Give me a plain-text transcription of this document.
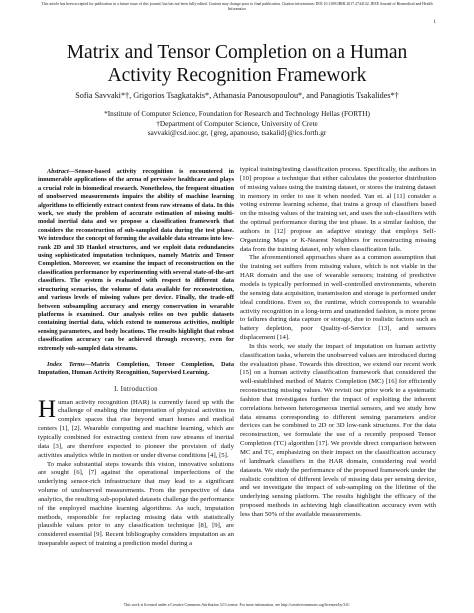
This article has been accepted for publication in a future issue of this journal, but has not been fully edited. Content may change prior to final publication. Citation information: DOI 10.1109/JBHI.2017.2744132, IEEE Journal of Biomedical and Health Informatics
1
Matrix and Tensor Completion on a Human Activity Recognition Framework
Sofia Savvaki*†, Grigorios Tsagkatakis*, Athanasia Panousopoulou*, and Panagiotis Tsakalides*†
*Institute of Computer Science, Foundation for Research and Technology Hellas (FORTH)
†Department of Computer Science, University of Crete
savvaki@csd.uoc.gr, {greg, apanouso, tsakalid}@ics.forth.gr

Abstract—Sensor-based activity recognition is encountered in innumerable applications of the arena of pervasive healthcare and plays a crucial role in biomedical research. Nonetheless, the frequent situation of unobserved measurements impairs the ability of machine learning algorithms to efficiently extract context from raw streams of data. In this work, we study the problem of accurate estimation of missing multi-modal inertial data and we propose a classification framework that considers the reconstruction of sub-sampled data during the test phase. We introduce the concept of forming the available data streams into low-rank 2D and 3D Hankel structures, and we exploit data redundancies using sophisticated imputation techniques, namely Matrix and Tensor Completion. Moreover, we examine the impact of reconstruction on the classification performance by experimenting with several state-of-the-art classifiers. The system is evaluated with respect to different data structuring scenarios, the volume of data available for reconstruction, and various levels of missing values per device. Finally, the trade-off between subsampling accuracy and energy conservation in wearable platforms is examined. Our analysis relies on two public datasets containing inertial data, which extend to numerous activities, multiple sensing parameters, and body locations. The results highlight that robust classification accuracy can be achieved through recovery, even for extremely sub-sampled data streams.

Index Terms—Matrix Completion, Tensor Completion, Data Imputation, Human Activity Recognition, Supervised Learning.

I. Introduction

Human activity recognition (HAR) is currently faced up with the challenge of enabling the interpretation of physical activities in complex spaces that rise beyond smart homes and medical centers [1], [2]. Wearable computing and machine learning, which are typically combined for extracting context from raw streams of inertial data [3], are therefore expected to pioneer the provision of daily activities analytics while in motion or under diverse conditions [4], [5].

To make substantial steps towards this vision, innovative solutions are sought [6], [7] against the operational imperfections of the underlying sensor-rich infrastructure that may lead to a significant volume of unobserved measurements. From the perspective of data analytics, the resulting sub-populated datasets challenge the performance of the employed machine learning algorithms. As such, imputation methods, responsible for replacing missing data with statistically plausible values prior to any classification technique [8], [9], are considered essential [9]. Recent bibliography considers imputation as an inseparable aspect of training a prediction model during a

typical training/testing classification process. Specifically, the authors in [10] propose a technique that either calculates the posterior distribution of missing values using the training dataset, or stores the training dataset in memory in order to use it when needed. Yan et. al [11] consider a voting extreme learning scheme, that trains a group of classifiers based on the missing values of the training set, and uses the sub-classifiers with the optimal performance during the test phase. In a similar fashion, the authors in [12] propose an adaptive strategy that employs Self-Organizing Maps or K-Nearest Neighbors for reconstructing missing data from the training dataset, only when classification fails.

The aforementioned approaches share as a common assumption that the training set suffers from missing values, which is not viable in the HAR domain and the use of wearable sensors; training of predictive models is typically performed in well-controlled environments, wherein the sensing data acquisition, transmission and storage is performed under ideal conditions. Even so, the runtime, which corresponds to wearable activity recognition in a long-term and unattended fashion, is more prone to failures during data capture or storage, due to realistic factors such as battery depletion, poor Quality-of-Service [13], and sensors displacement [14].

In this work, we study the impact of imputation on human activity classification tasks, wherein the unobserved values are introduced during the evaluation phase. Towards this direction, we extend our recent work [15] on a human activity classification framework that considered the well-established method of Matrix Completion (MC) [16] for efficiently reconstructing missing values. We revisit our prior work to a systematic fashion that investigates further the impact of exploiting the inherent correlations between heterogeneous inertial sensors, and we study how data streams corresponding to different sensing parameters and/or devices can be combined to 2D or 3D low-rank structures. For the data reconstruction, we formulate the use of a recently proposed Tensor Completion (TC) algorithm [17]. We provide direct comparison between MC and TC, emphasizing on their impact on the classification accuracy of landmark classifiers in the HAR domain, considering real world datasets. We study the performance of the proposed framework under the realistic condition of different levels of missing data per sensing device, and we investigate the impact of sub-sampling on the lifetime of the underlying sensing platform. The results highlight the efficacy of the proposed methods in achieving high classification accuracy even with less than 50% of the available measurements.

This work is licensed under a Creative Commons Attribution 3.0 License. For more information, see http://creativecommons.org/licenses/by/3.0/.
